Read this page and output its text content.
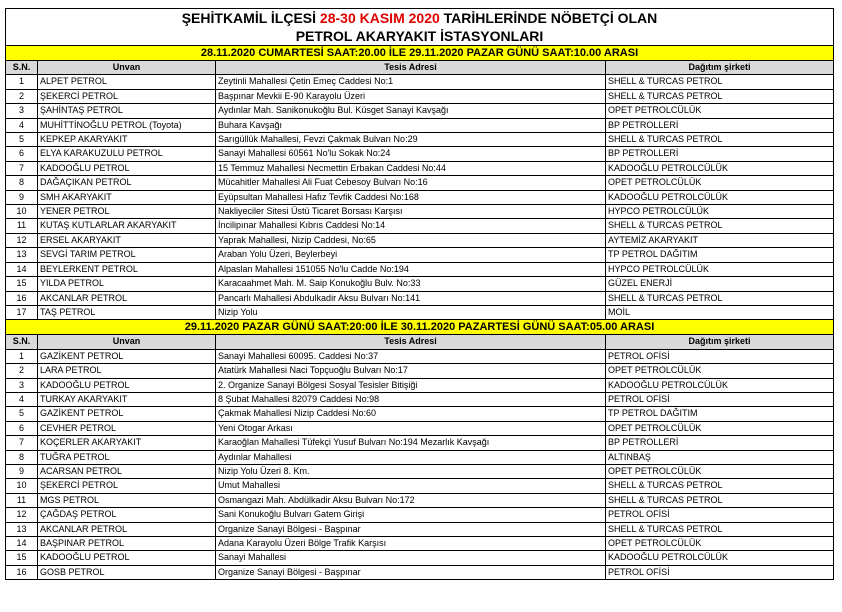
ŞEHİTKAMİL İLÇESİ 28-30 KASIM 2020 TARİHLERİNDE NÖBETÇİ OLAN			
PETROL AKARYAKIT İSTASYONLARI			
28.11.2020 CUMARTESİ SAAT:20.00 İLE 29.11.2020 PAZAR GÜNÜ SAAT:10.00 ARASI			
S.N.	Unvan	Tesis Adresi	Dağıtım şirketi
1	ALPET PETROL	Zeytinli Mahallesi Çetin Emeç Caddesi No:1	SHELL & TURCAS PETROL
2	ŞEKERCİ PETROL	Başpınar Mevkii E-90 Karayolu Üzeri	SHELL & TURCAS PETROL
3	ŞAHİNTAŞ PETROL	Aydınlar Mah. Sanikonukoğlu Bul. Küsget Sanayi Kavşağı	OPET PETROLCÜLÜK
4	MUHİTTİNOĞLU PETROL (Toyota)	Buhara Kavşağı	BP PETROLLERİ
5	KEPKEP AKARYAKIT	Sarıgüllük Mahallesi, Fevzi Çakmak Bulvarı No:29	SHELL & TURCAS PETROL
6	ELYA KARAKUZULU PETROL	Sanayi Mahallesi 60561 No'lu Sokak No:24	BP PETROLLERİ
7	KADOOĞLU PETROL	15 Temmuz Mahallesi Necmettin Erbakan Caddesi No:44	KADOOĞLU PETROLCÜLÜK
8	DAĞAÇIKAN PETROL	Mücahitler Mahallesi Ali Fuat Cebesoy Bulvarı No:16	OPET PETROLCÜLÜK
9	SMH AKARYAKIT	Eyüpsultan Mahallesi Hafız Tevfik Caddesi No:168	KADOOĞLU PETROLCÜLÜK
10	YENER PETROL	Nakliyeciler Sitesi Üstü Ticaret Borsası Karşısı	HYPCO PETROLCÜLÜK
11	KUTAŞ KUTLARLAR AKARYAKIT	İncilipınar Mahallesi Kıbrıs Caddesi No:14	SHELL & TURCAS PETROL
12	ERSEL AKARYAKIT	Yaprak Mahallesi, Nizip Caddesi, No:65	AYTEMİZ AKARYAKIT
13	SEVGİ TARIM PETROL	Araban Yolu Üzeri, Beylerbeyi	TP PETROL DAĞITIM
14	BEYLERKENT PETROL	Alpaslan Mahallesi 151055 No'lu Cadde No:194	HYPCO PETROLCÜLÜK
15	YILDA PETROL	Karacaahmet Mah. M. Saip Konukoğlu Bulv. No:33	GÜZEL ENERJİ
16	AKCANLAR PETROL	Pancarlı Mahallesi Abdulkadir Aksu Bulvarı No:141	SHELL & TURCAS PETROL
17	TAŞ PETROL	Nizip Yolu	MOİL
29.11.2020 PAZAR GÜNÜ SAAT:20:00 İLE 30.11.2020 PAZARTESİ GÜNÜ SAAT:05.00 ARASI			
S.N.	Unvan	Tesis Adresi	Dağıtım şirketi
1	GAZİKENT PETROL	Sanayi Mahallesi 60095. Caddesi No:37	PETROL OFİSİ
2	LARA PETROL	Atatürk Mahallesi Naci Topçuoğlu Bulvarı No:17	OPET PETROLCÜLÜK
3	KADOOĞLU PETROL	2. Organize Sanayi Bölgesi Sosyal Tesisler Bitişiği	KADOOĞLU PETROLCÜLÜK
4	TURKAY AKARYAKIT	8 Şubat Mahallesi 82079 Caddesi No:98	PETROL OFİSİ
5	GAZİKENT PETROL	Çakmak Mahallesi Nizip Caddesi No:60	TP PETROL DAĞITIM
6	CEVHER PETROL	Yeni Otogar Arkası	OPET PETROLCÜLÜK
7	KOÇERLER AKARYAKIT	Karaoğlan Mahallesi Tüfekçi Yusuf Bulvarı No:194 Mezarlık Kavşağı	BP PETROLLERİ
8	TUĞRA PETROL	Aydınlar Mahallesi	ALTINBAŞ
9	ACARSAN PETROL	Nizip Yolu Üzeri 8. Km.	OPET PETROLCÜLÜK
10	ŞEKERCİ PETROL	Umut Mahallesi	SHELL & TURCAS PETROL
11	MGS PETROL	Osmangazi Mah. Abdülkadir Aksu Bulvarı No:172	SHELL & TURCAS PETROL
12	ÇAĞDAŞ PETROL	Sani Konukoğlu Bulvarı Gatem Girişi	PETROL OFİSİ
13	AKCANLAR PETROL	Organize Sanayi Bölgesi - Başpınar	SHELL & TURCAS PETROL
14	BAŞPINAR PETROL	Adana Karayolu Üzeri Bölge Trafik Karşısı	OPET PETROLCÜLÜK
15	KADOOĞLU PETROL	Sanayi Mahallesi	KADOOĞLU PETROLCÜLÜK
16	GOSB PETROL	Organize Sanayi Bölgesi - Başpınar	PETROL OFİSİ
